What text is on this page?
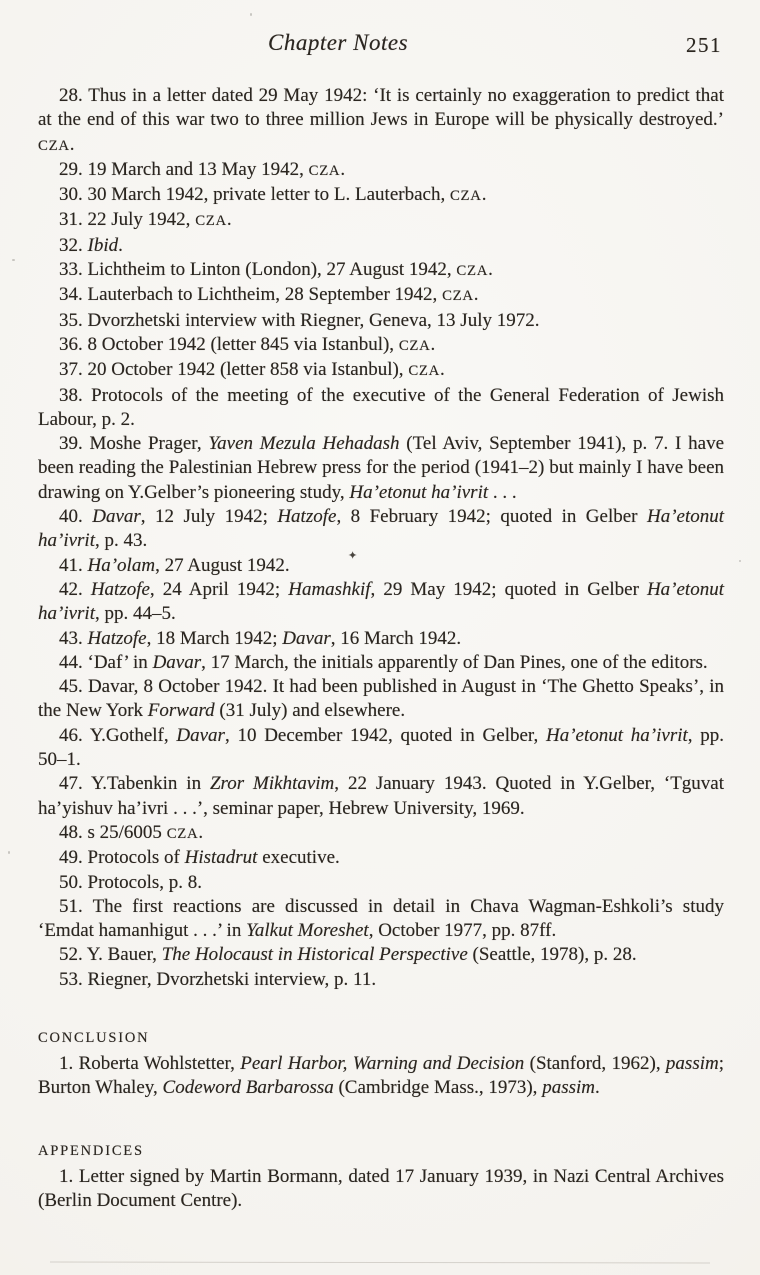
Chapter Notes	251

28. Thus in a letter dated 29 May 1942: ‘It is certainly no exaggeration to predict that at the end of this war two to three million Jews in Europe will be physically destroyed.’ CZA.

29. 19 March and 13 May 1942, CZA.

30. 30 March 1942, private letter to L. Lauterbach, CZA.

31. 22 July 1942, CZA.

32. Ibid.

33. Lichtheim to Linton (London), 27 August 1942, CZA.

34. Lauterbach to Lichtheim, 28 September 1942, CZA.

35. Dvorzhetski interview with Riegner, Geneva, 13 July 1972.

36. 8 October 1942 (letter 845 via Istanbul), CZA.

37. 20 October 1942 (letter 858 via Istanbul), CZA.

38. Protocols of the meeting of the executive of the General Federation of Jewish Labour, p. 2.

39. Moshe Prager, Yaven Mezula Hehadash (Tel Aviv, September 1941), p. 7. I have been reading the Palestinian Hebrew press for the period (1941–2) but mainly I have been drawing on Y.Gelber’s pioneering study, Ha’etonut ha’ivrit . . .

40. Davar, 12 July 1942; Hatzofe, 8 February 1942; quoted in Gelber Ha’etonut ha’ivrit, p. 43.

41. Ha’olam, 27 August 1942.

42. Hatzofe, 24 April 1942; Hamashkif, 29 May 1942; quoted in Gelber Ha’etonut ha’ivrit, pp. 44–5.

43. Hatzofe, 18 March 1942; Davar, 16 March 1942.

44. ‘Daf’ in Davar, 17 March, the initials apparently of Dan Pines, one of the editors.

45. Davar, 8 October 1942. It had been published in August in ‘The Ghetto Speaks’, in the New York Forward (31 July) and elsewhere.

46. Y.Gothelf, Davar, 10 December 1942, quoted in Gelber, Ha’etonut ha’ivrit, pp. 50–1.

47. Y.Tabenkin in Zror Mikhtavim, 22 January 1943. Quoted in Y.Gelber, ‘Tguvat ha’yishuv ha’ivri . . .’, seminar paper, Hebrew University, 1969.

48. s 25/6005 CZA.

49. Protocols of Histadrut executive.

50. Protocols, p. 8.

51. The first reactions are discussed in detail in Chava Wagman-Eshkoli’s study ‘Emdat hamanhigut . . .’ in Yalkut Moreshet, October 1977, pp. 87ff.

52. Y. Bauer, The Holocaust in Historical Perspective (Seattle, 1978), p. 28.

53. Riegner, Dvorzhetski interview, p. 11.

CONCLUSION

1. Roberta Wohlstetter, Pearl Harbor, Warning and Decision (Stanford, 1962), passim; Burton Whaley, Codeword Barbarossa (Cambridge Mass., 1973), passim.

APPENDICES

1. Letter signed by Martin Bormann, dated 17 January 1939, in Nazi Central Archives (Berlin Document Centre).

✦
